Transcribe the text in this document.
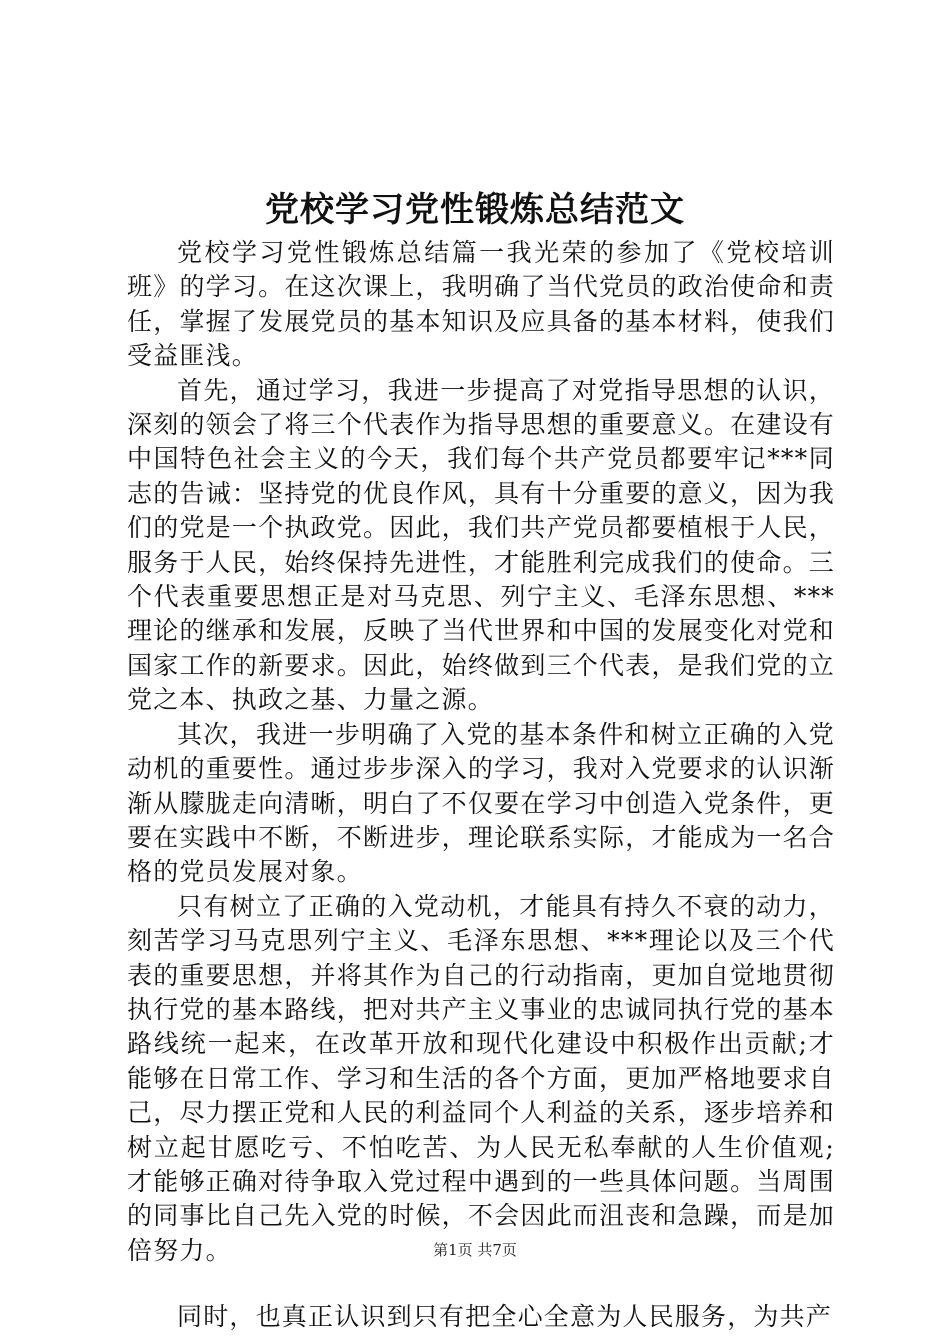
党校学习党性锻炼总结范文

党校学习党性锻炼总结篇一我光荣的参加了《党校培训班》的学习。在这次课上，我明确了当代党员的政治使命和责任，掌握了发展党员的基本知识及应具备的基本材料，使我们受益匪浅。

首先，通过学习，我进一步提高了对党指导思想的认识，深刻的领会了将三个代表作为指导思想的重要意义。在建设有中国特色社会主义的今天，我们每个共产党员都要牢记***同志的告诫：坚持党的优良作风，具有十分重要的意义，因为我们的党是一个执政党。因此，我们共产党员都要植根于人民，服务于人民，始终保持先进性，才能胜利完成我们的使命。三个代表重要思想正是对马克思、列宁主义、毛泽东思想、***理论的继承和发展，反映了当代世界和中国的发展变化对党和国家工作的新要求。因此，始终做到三个代表，是我们党的立党之本、执政之基、力量之源。

其次，我进一步明确了入党的基本条件和树立正确的入党动机的重要性。通过步步深入的学习，我对入党要求的认识渐渐从朦胧走向清晰，明白了不仅要在学习中创造入党条件，更要在实践中不断，不断进步，理论联系实际，才能成为一名合格的党员发展对象。

只有树立了正确的入党动机，才能具有持久不衰的动力，刻苦学习马克思列宁主义、毛泽东思想、***理论以及三个代表的重要思想，并将其作为自己的行动指南，更加自觉地贯彻执行党的基本路线，把对共产主义事业的忠诚同执行党的基本路线统一起来，在改革开放和现代化建设中积极作出贡献;才能够在日常工作、学习和生活的各个方面，更加严格地要求自己，尽力摆正党和人民的利益同个人利益的关系，逐步培养和树立起甘愿吃亏、不怕吃苦、为人民无私奉献的人生价值观;才能够正确对待争取入党过程中遇到的一些具体问题。当周围的同事比自己先入党的时候，不会因此而沮丧和急躁，而是加倍努力。

同时，也真正认识到只有把全心全意为人民服务，为共产

第1页 共7页
